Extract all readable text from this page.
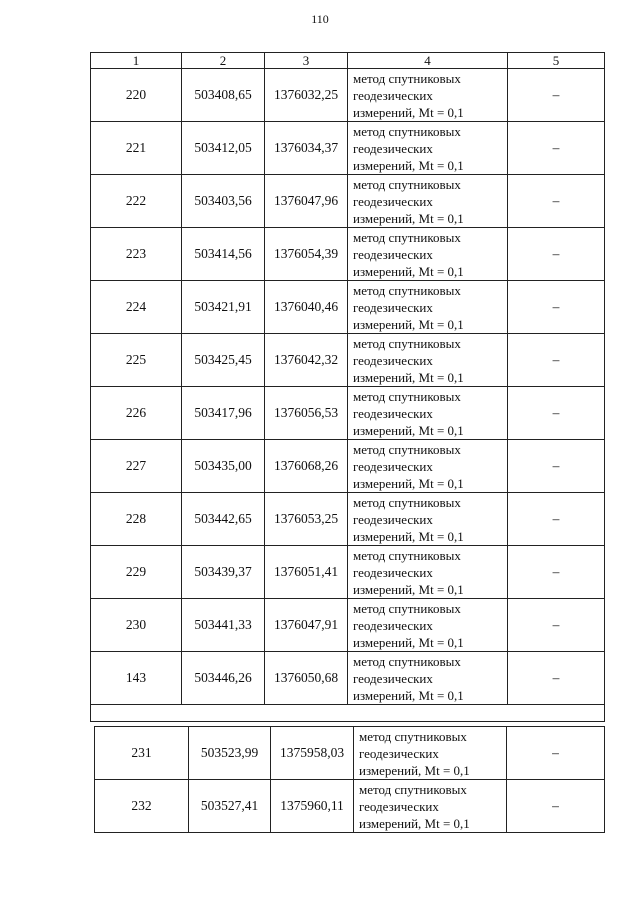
110
1	2	3	4	5
220	503408,65	1376032,25	метод спутниковых
геодезических
измерений, Mt = 0,1	–
221	503412,05	1376034,37	метод спутниковых
геодезических
измерений, Mt = 0,1	–
222	503403,56	1376047,96	метод спутниковых
геодезических
измерений, Mt = 0,1	–
223	503414,56	1376054,39	метод спутниковых
геодезических
измерений, Mt = 0,1	–
224	503421,91	1376040,46	метод спутниковых
геодезических
измерений, Mt = 0,1	–
225	503425,45	1376042,32	метод спутниковых
геодезических
измерений, Mt = 0,1	–
226	503417,96	1376056,53	метод спутниковых
геодезических
измерений, Mt = 0,1	–
227	503435,00	1376068,26	метод спутниковых
геодезических
измерений, Mt = 0,1	–
228	503442,65	1376053,25	метод спутниковых
геодезических
измерений, Mt = 0,1	–
229	503439,37	1376051,41	метод спутниковых
геодезических
измерений, Mt = 0,1	–
230	503441,33	1376047,91	метод спутниковых
геодезических
измерений, Mt = 0,1	–
143	503446,26	1376050,68	метод спутниковых
геодезических
измерений, Mt = 0,1	–

231	503523,99	1375958,03	метод спутниковых
геодезических
измерений, Mt = 0,1	–
232	503527,41	1375960,11	метод спутниковых
геодезических
измерений, Mt = 0,1	–
